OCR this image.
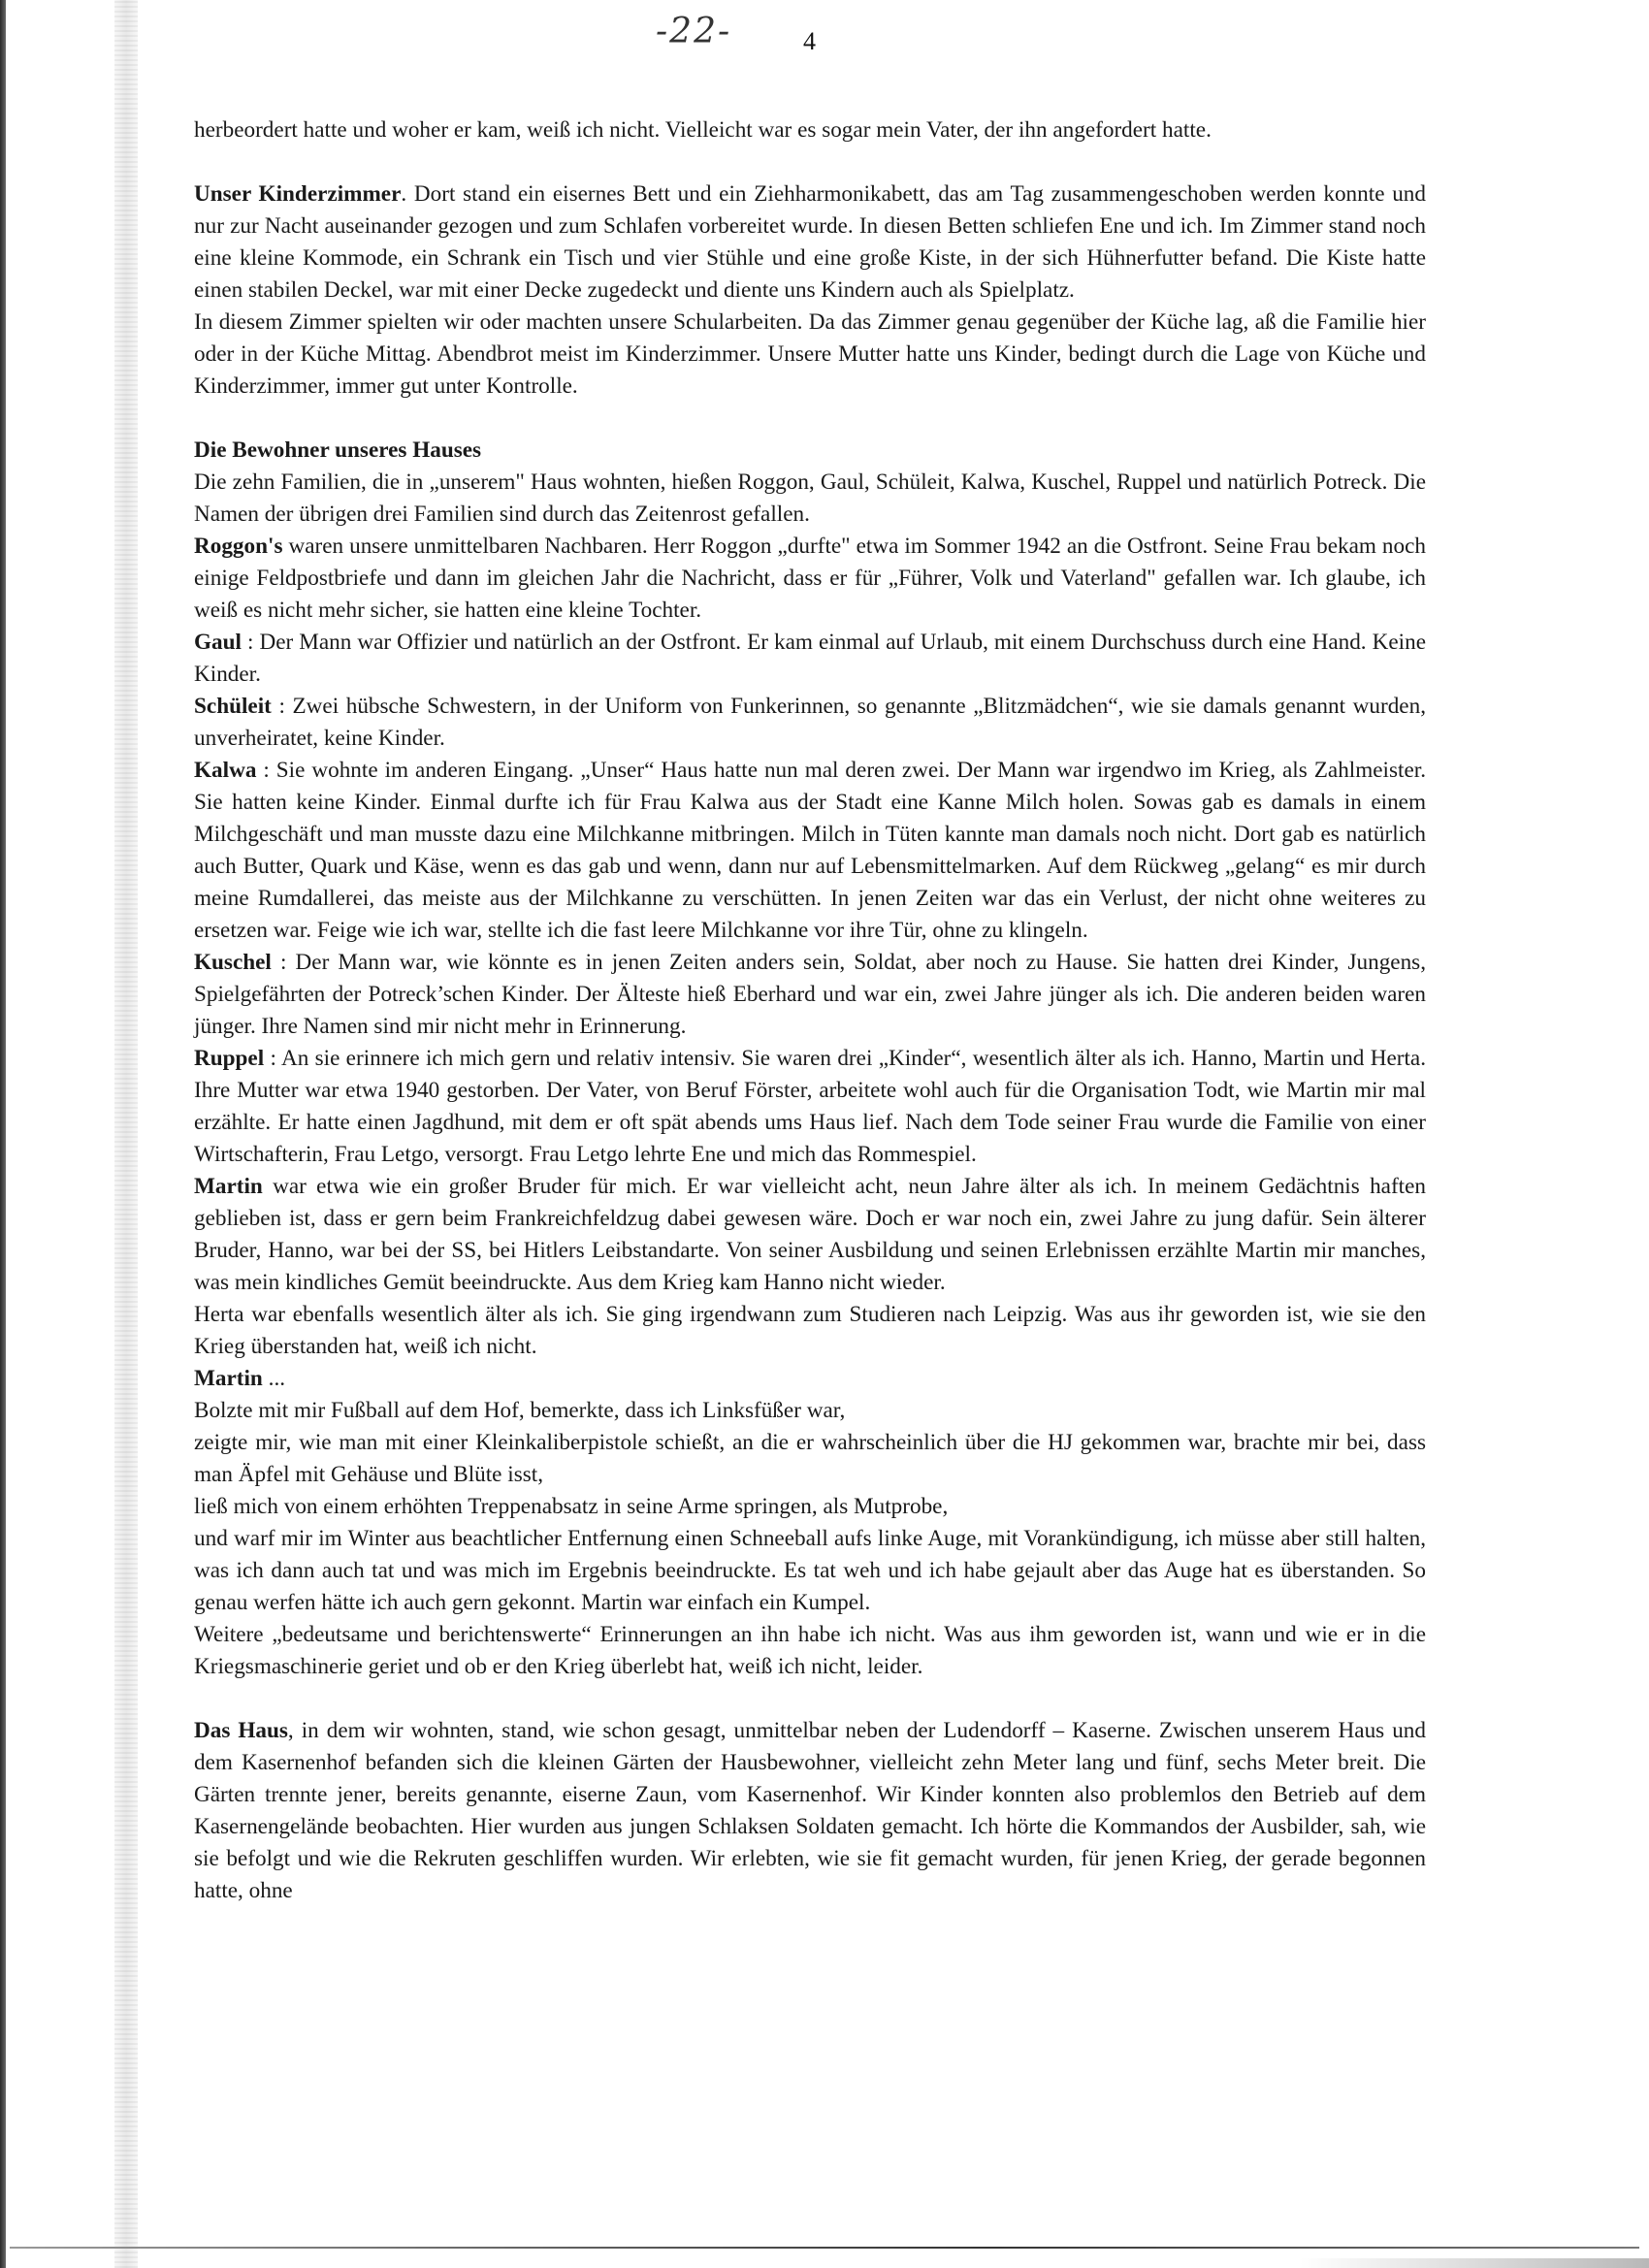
-22-	4

herbeordert hatte und woher er kam, weiß ich nicht. Vielleicht war es sogar mein Vater, der ihn angefordert hatte.

Unser Kinderzimmer. Dort stand ein eisernes Bett und ein Ziehharmonikabett, das am Tag zusammengeschoben werden konnte und nur zur Nacht auseinander gezogen und zum Schlafen vorbereitet wurde. In diesen Betten schliefen Ene und ich. Im Zimmer stand noch eine kleine Kommode, ein Schrank ein Tisch und vier Stühle und eine große Kiste, in der sich Hühnerfutter befand. Die Kiste hatte einen stabilen Deckel, war mit einer Decke zugedeckt und diente uns Kindern auch als Spielplatz.

In diesem Zimmer spielten wir oder machten unsere Schularbeiten. Da das Zimmer genau gegenüber der Küche lag, aß die Familie hier oder in der Küche Mittag. Abendbrot meist im Kinderzimmer. Unsere Mutter hatte uns Kinder, bedingt durch die Lage von Küche und Kinderzimmer, immer gut unter Kontrolle.

Die Bewohner unseres Hauses

Die zehn Familien, die in „unserem" Haus wohnten, hießen Roggon, Gaul, Schüleit, Kalwa, Kuschel, Ruppel und natürlich Potreck. Die Namen der übrigen drei Familien sind durch das Zeitenrost gefallen.

Roggon's waren unsere unmittelbaren Nachbaren. Herr Roggon „durfte" etwa im Sommer 1942 an die Ostfront. Seine Frau bekam noch einige Feldpostbriefe und dann im gleichen Jahr die Nachricht, dass er für „Führer, Volk und Vaterland" gefallen war. Ich glaube, ich weiß es nicht mehr sicher, sie hatten eine kleine Tochter.

Gaul : Der Mann war Offizier und natürlich an der Ostfront. Er kam einmal auf Urlaub, mit einem Durchschuss durch eine Hand. Keine Kinder.

Schüleit : Zwei hübsche Schwestern, in der Uniform von Funkerinnen, so genannte „Blitzmädchen“, wie sie damals genannt wurden, unverheiratet, keine Kinder.

Kalwa : Sie wohnte im anderen Eingang. „Unser“ Haus hatte nun mal deren zwei. Der Mann war irgendwo im Krieg, als Zahlmeister. Sie hatten keine Kinder. Einmal durfte ich für Frau Kalwa aus der Stadt eine Kanne Milch holen. Sowas gab es damals in einem Milchgeschäft und man musste dazu eine Milchkanne mitbringen. Milch in Tüten kannte man damals noch nicht. Dort gab es natürlich auch Butter, Quark und Käse, wenn es das gab und wenn, dann nur auf Lebensmittelmarken. Auf dem Rückweg „gelang“ es mir durch meine Rumdallerei, das meiste aus der Milchkanne zu verschütten. In jenen Zeiten war das ein Verlust, der nicht ohne weiteres zu ersetzen war. Feige wie ich war, stellte ich die fast leere Milchkanne vor ihre Tür, ohne zu klingeln.

Kuschel : Der Mann war, wie könnte es in jenen Zeiten anders sein, Soldat, aber noch zu Hause. Sie hatten drei Kinder, Jungens, Spielgefährten der Potreck’schen Kinder. Der Älteste hieß Eberhard und war ein, zwei Jahre jünger als ich. Die anderen beiden waren jünger. Ihre Namen sind mir nicht mehr in Erinnerung.

Ruppel : An sie erinnere ich mich gern und relativ intensiv. Sie waren drei „Kinder“, wesentlich älter als ich. Hanno, Martin und Herta. Ihre Mutter war etwa 1940 gestorben. Der Vater, von Beruf Förster, arbeitete wohl auch für die Organisation Todt, wie Martin mir mal erzählte. Er hatte einen Jagdhund, mit dem er oft spät abends ums Haus lief. Nach dem Tode seiner Frau wurde die Familie von einer Wirtschafterin, Frau Letgo, versorgt. Frau Letgo lehrte Ene und mich das Rommespiel.

Martin war etwa wie ein großer Bruder für mich. Er war vielleicht acht, neun Jahre älter als ich. In meinem Gedächtnis haften geblieben ist, dass er gern beim Frankreichfeldzug dabei gewesen wäre. Doch er war noch ein, zwei Jahre zu jung dafür. Sein älterer Bruder, Hanno, war bei der SS, bei Hitlers Leibstandarte. Von seiner Ausbildung und seinen Erlebnissen erzählte Martin mir manches, was mein kindliches Gemüt beeindruckte. Aus dem Krieg kam Hanno nicht wieder.

Herta war ebenfalls wesentlich älter als ich. Sie ging irgendwann zum Studieren nach Leipzig. Was aus ihr geworden ist, wie sie den Krieg überstanden hat, weiß ich nicht.

Martin ...

Bolzte mit mir Fußball auf dem Hof, bemerkte, dass ich Linksfüßer war,

zeigte mir, wie man mit einer Kleinkaliberpistole schießt, an die er wahrscheinlich über die HJ gekommen war, brachte mir bei, dass man Äpfel mit Gehäuse und Blüte isst,

ließ mich von einem erhöhten Treppenabsatz in seine Arme springen, als Mutprobe,

und warf mir im Winter aus beachtlicher Entfernung einen Schneeball aufs linke Auge, mit Vorankündigung, ich müsse aber still halten, was ich dann auch tat und was mich im Ergebnis beeindruckte. Es tat weh und ich habe gejault aber das Auge hat es überstanden. So genau werfen hätte ich auch gern gekonnt. Martin war einfach ein Kumpel.

Weitere „bedeutsame und berichtenswerte“ Erinnerungen an ihn habe ich nicht. Was aus ihm geworden ist, wann und wie er in die Kriegsmaschinerie geriet und ob er den Krieg überlebt hat, weiß ich nicht, leider.

Das Haus, in dem wir wohnten, stand, wie schon gesagt, unmittelbar neben der Ludendorff – Kaserne. Zwischen unserem Haus und dem Kasernenhof befanden sich die kleinen Gärten der Hausbewohner, vielleicht zehn Meter lang und fünf, sechs Meter breit. Die Gärten trennte jener, bereits genannte, eiserne Zaun, vom Kasernenhof. Wir Kinder konnten also problemlos den Betrieb auf dem Kasernengelände beobachten. Hier wurden aus jungen Schlaksen Soldaten gemacht. Ich hörte die Kommandos der Ausbilder, sah, wie sie befolgt und wie die Rekruten geschliffen wurden. Wir erlebten, wie sie fit gemacht wurden, für jenen Krieg, der gerade begonnen hatte, ohne
